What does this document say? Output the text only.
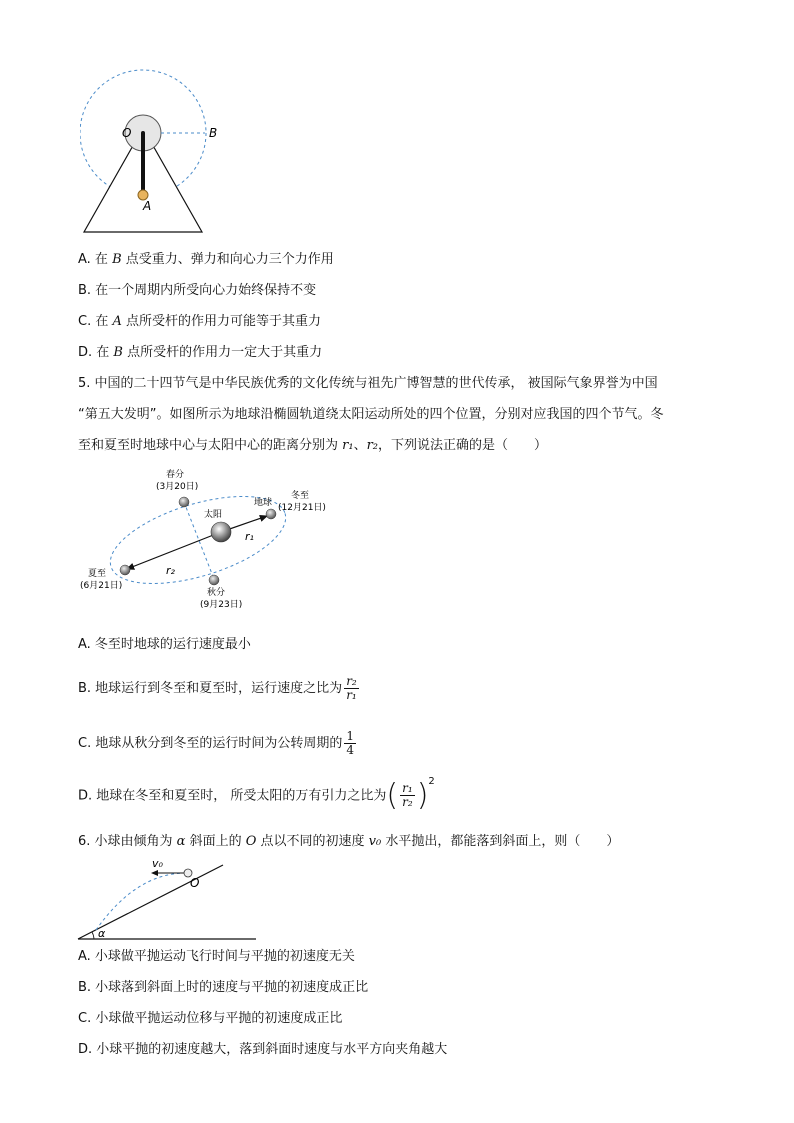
O	B
A
A. 在 B 点受重力、弹力和向心力三个力作用
B. 在一个周期内所受向心力始终保持不变
C. 在 A 点所受杆的作用力可能等于其重力
D. 在 B 点所受杆的作用力一定大于其重力
5. 中国的二十四节气是中华民族优秀的文化传统与祖先广博智慧的世代传承， 被国际气象界誉为中国
“第五大发明”。如图所示为地球沿椭圆轨道绕太阳运动所处的四个位置，分别对应我国的四个节气。冬
至和夏至时地球中心与太阳中心的距离分别为 r₁、r₂，下列说法正确的是（　　）
春分
(3月20日)
太阳
地球
冬至
(12月21日)
r₁
r₂
夏至
(6月21日)
秋分
(9月23日)
A. 冬至时地球的运行速度最小
B. 地球运行到冬至和夏至时，运行速度之比为 $\frac{\text{r₂}}{\text{r₁}}$
C. 地球从秋分到冬至的运行时间为公转周期的 $\frac{1}{4}$
D. 地球在冬至和夏至时， 所受太阳的万有引力之比为( $\frac{\text{r₁}}{\text{r₂}} )^2$
6. 小球由倾角为 α 斜面上的 O 点以不同的初速度 v₀ 水平抛出，都能落到斜面上，则（　　）
v₀
O
α
A. 小球做平抛运动飞行时间与平抛的初速度无关
B. 小球落到斜面上时的速度与平抛的初速度成正比
C. 小球做平抛运动位移与平抛的初速度成正比
D. 小球平抛的初速度越大，落到斜面时速度与水平方向夹角越大
